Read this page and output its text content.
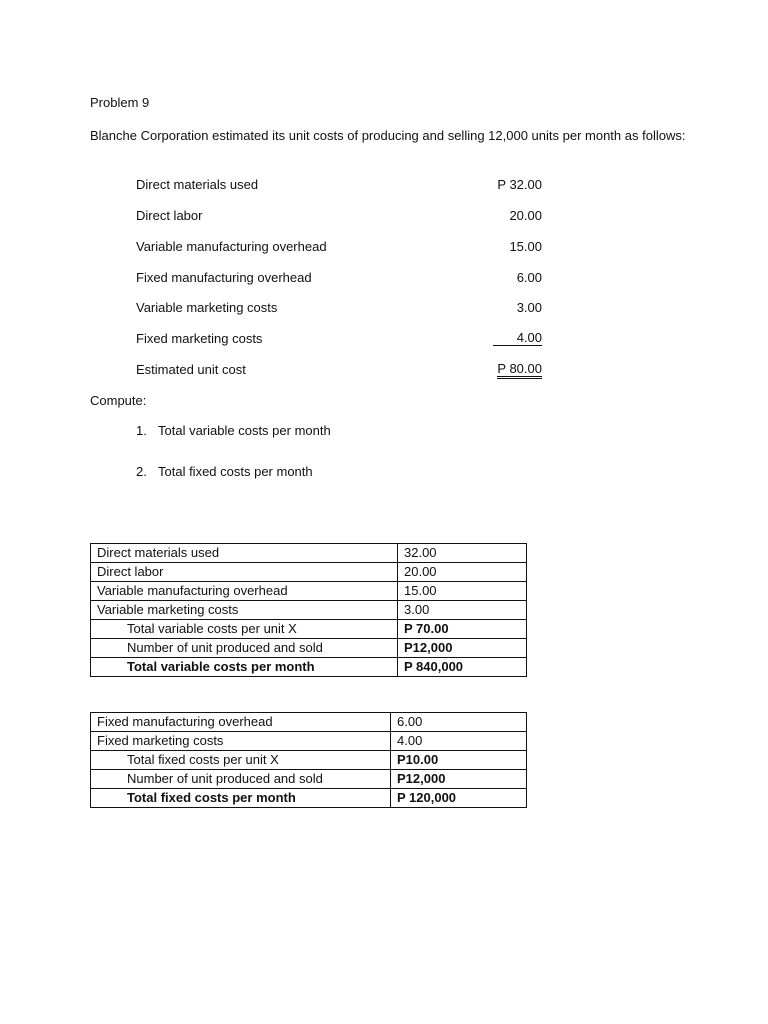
Problem 9
Blanche Corporation estimated its unit costs of producing and selling 12,000 units per month as follows:
Direct materials used	P 32.00
Direct labor	20.00
Variable manufacturing overhead	15.00
Fixed manufacturing overhead	6.00
Variable marketing costs	3.00
Fixed marketing costs	4.00
Estimated unit cost	P 80.00
Compute:
1. Total variable costs per month
2. Total fixed costs per month
Direct materials used	32.00
Direct labor	20.00
Variable manufacturing overhead	15.00
Variable marketing costs	3.00
Total variable costs per unit X	P 70.00
Number of unit produced and sold	P12,000
Total variable costs per month	P 840,000
Fixed manufacturing overhead	6.00
Fixed marketing costs	4.00
Total fixed costs per unit X	P10.00
Number of unit produced and sold	P12,000
Total fixed costs per month	P 120,000
